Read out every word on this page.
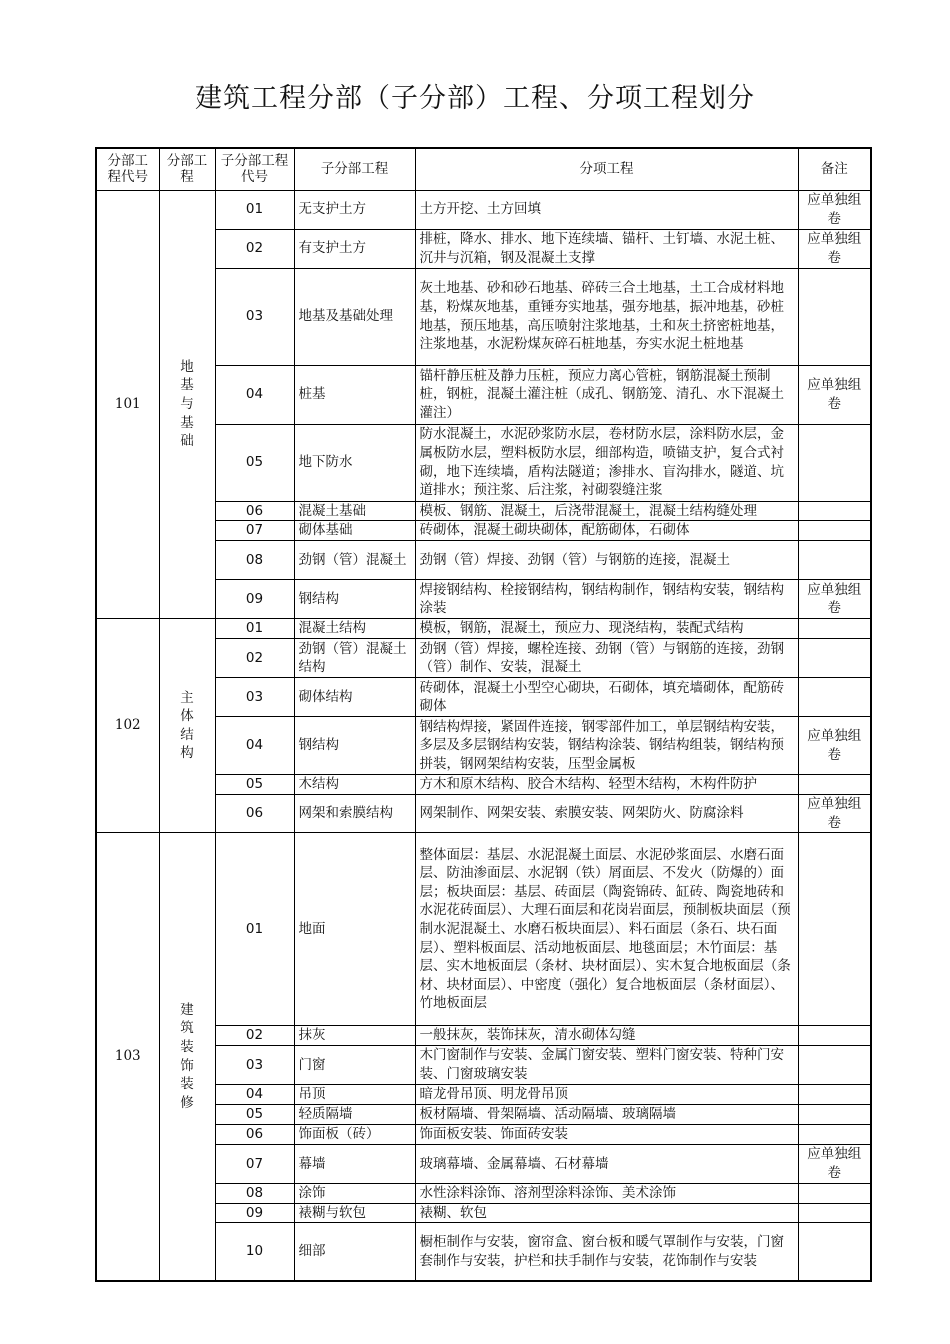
建筑工程分部（子分部）工程、分项工程划分
分部工程代号	分部工程	子分部工程代号	子分部工程	分项工程	备注
101	地基与基础	01	无支护土方	土方开挖、土方回填	应单独组卷
		02	有支护土方	排桩，降水、排水、地下连续墙、锚杆、土钉墙、水泥土桩、沉井与沉箱，钢及混凝土支撑	应单独组卷
		03	地基及基础处理	灰土地基、砂和砂石地基、碎砖三合土地基，土工合成材料地基，粉煤灰地基，重锤夯实地基，强夯地基，振冲地基，砂桩地基，预压地基，高压喷射注浆地基，土和灰土挤密桩地基，注浆地基，水泥粉煤灰碎石桩地基，夯实水泥土桩地基	
		04	桩基	锚杆静压桩及静力压桩，预应力离心管桩，钢筋混凝土预制桩，钢桩，混凝土灌注桩（成孔、钢筋笼、清孔、水下混凝土灌注）	应单独组卷
		05	地下防水	防水混凝土，水泥砂浆防水层，卷材防水层，涂料防水层，金属板防水层，塑料板防水层，细部构造，喷锚支护，复合式衬砌，地下连续墙，盾构法隧道；渗排水、盲沟排水，隧道、坑道排水；预注浆、后注浆，衬砌裂缝注浆	
		06	混凝土基础	模板、钢筋、混凝土，后浇带混凝土，混凝土结构缝处理	
		07	砌体基础	砖砌体，混凝土砌块砌体，配筋砌体，石砌体	
		08	劲钢（管）混凝土	劲钢（管）焊接、劲钢（管）与钢筋的连接，混凝土	
		09	钢结构	焊接钢结构、栓接钢结构，钢结构制作，钢结构安装，钢结构涂装	应单独组卷
102	主体结构	01	混凝土结构	模板，钢筋，混凝土，预应力、现浇结构，装配式结构	
		02	劲钢（管）混凝土结构	劲钢（管）焊接，螺栓连接、劲钢（管）与钢筋的连接，劲钢（管）制作、安装，混凝土	
		03	砌体结构	砖砌体，混凝土小型空心砌块，石砌体，填充墙砌体，配筋砖砌体	
		04	钢结构	钢结构焊接，紧固件连接，钢零部件加工，单层钢结构安装，多层及多层钢结构安装，钢结构涂装、钢结构组装，钢结构预拼装，钢网架结构安装，压型金属板	应单独组卷
		05	木结构	方木和原木结构、胶合木结构、轻型木结构，木构件防护	
		06	网架和索膜结构	网架制作、网架安装、索膜安装、网架防火、防腐涂料	应单独组卷
103	建筑装饰装修	01	地面	整体面层：基层、水泥混凝土面层、水泥砂浆面层、水磨石面层、防油渗面层、水泥钢（铁）屑面层、不发火（防爆的）面层；板块面层：基层、砖面层（陶瓷锦砖、缸砖、陶瓷地砖和水泥花砖面层）、大理石面层和花岗岩面层，预制板块面层（预制水泥混凝土、水磨石板块面层）、料石面层（条石、块石面层）、塑料板面层、活动地板面层、地毯面层；木竹面层：基层、实木地板面层（条材、块材面层）、实木复合地板面层（条材、块材面层）、中密度（强化）复合地板面层（条材面层）、竹地板面层	
		02	抹灰	一般抹灰，装饰抹灰，清水砌体勾缝	
		03	门窗	木门窗制作与安装、金属门窗安装、塑料门窗安装、特种门安装、门窗玻璃安装	
		04	吊顶	暗龙骨吊顶、明龙骨吊顶	
		05	轻质隔墙	板材隔墙、骨架隔墙、活动隔墙、玻璃隔墙	
		06	饰面板（砖）	饰面板安装、饰面砖安装	
		07	幕墙	玻璃幕墙、金属幕墙、石材幕墙	应单独组卷
		08	涂饰	水性涂料涂饰、溶剂型涂料涂饰、美术涂饰	
		09	裱糊与软包	裱糊、软包	
		10	细部	橱柜制作与安装，窗帘盒、窗台板和暖气罩制作与安装，门窗套制作与安装，护栏和扶手制作与安装，花饰制作与安装	
